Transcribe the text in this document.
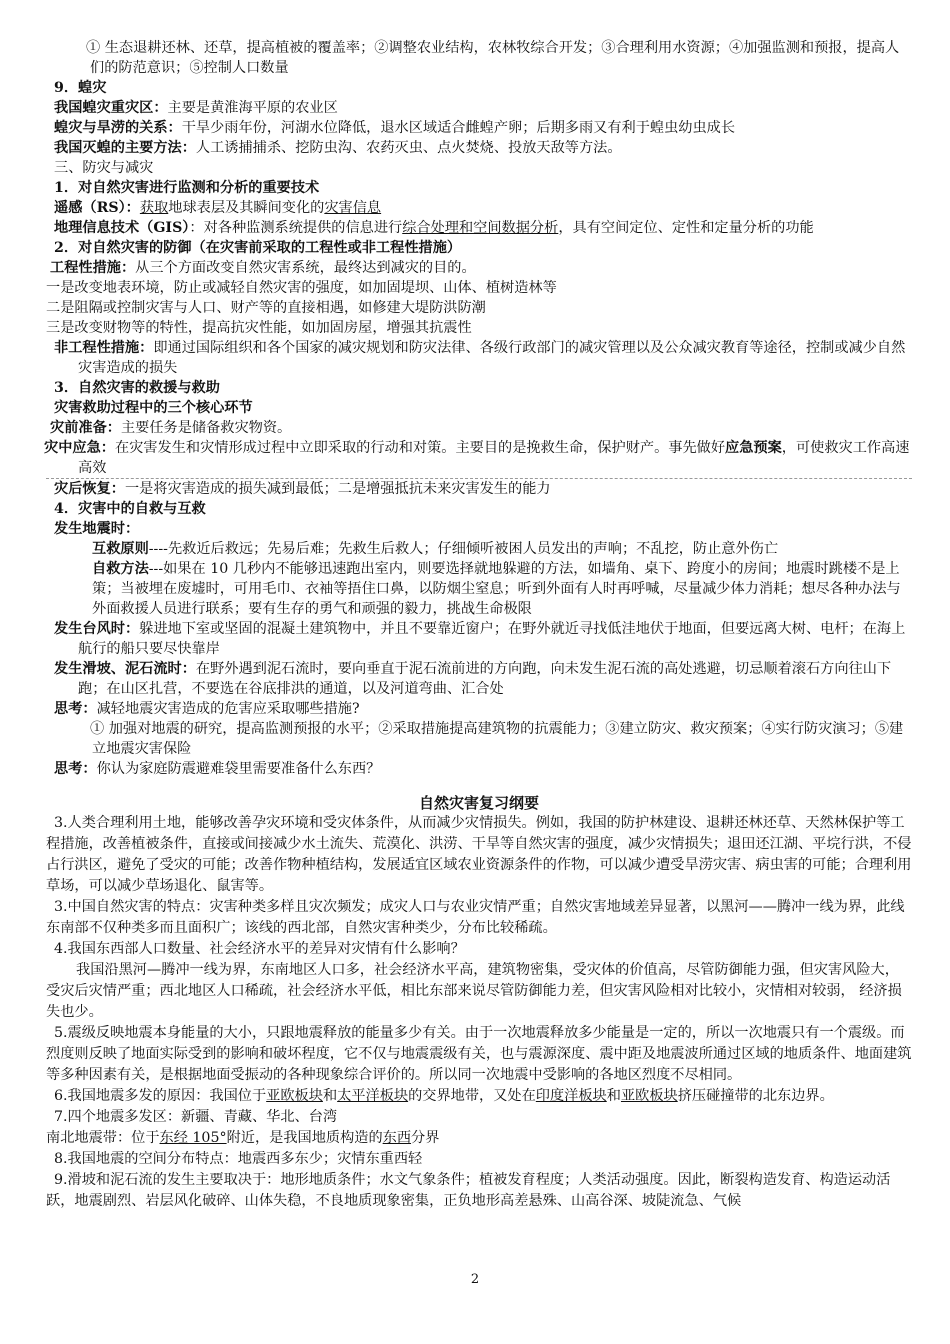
① 生态退耕还林、还草，提高植被的覆盖率；②调整农业结构，农林牧综合开发；③合理利用水资源；④加强监测和预报，提高人们的防范意识；⑤控制人口数量
9．蝗灾
我国蝗灾重灾区：主要是黄淮海平原的农业区
蝗灾与旱涝的关系：干旱少雨年份，河湖水位降低，退水区域适合雌蝗产卵；后期多雨又有利于蝗虫幼虫成长
我国灭蝗的主要方法：人工诱捕捕杀、挖防虫沟、农药灭虫、点火焚烧、投放天敌等方法。
三、防灾与减灾
1．对自然灾害进行监测和分析的重要技术
遥感（RS）：获取地球表层及其瞬间变化的灾害信息
地理信息技术（GIS）：对各种监测系统提供的信息进行综合处理和空间数据分析，具有空间定位、定性和定量分析的功能
2．对自然灾害的防御（在灾害前采取的工程性或非工程性措施）
工程性措施：从三个方面改变自然灾害系统，最终达到减灾的目的。
一是改变地表环境，防止或减轻自然灾害的强度，如加固堤坝、山体、植树造林等
二是阻隔或控制灾害与人口、财产等的直接相遇，如修建大堤防洪防潮
三是改变财物等的特性，提高抗灾性能，如加固房屋，增强其抗震性
非工程性措施：即通过国际组织和各个国家的减灾规划和防灾法律、各级行政部门的减灾管理以及公众减灾教育等途径，控制或减少自然灾害造成的损失
3．自然灾害的救援与救助
灾害救助过程中的三个核心环节
灾前准备：主要任务是储备救灾物资。
灾中应急：在灾害发生和灾情形成过程中立即采取的行动和对策。主要目的是挽救生命，保护财产。事先做好应急预案，可使救灾工作高速高效
灾后恢复：一是将灾害造成的损失减到最低；二是增强抵抗未来灾害发生的能力
4．灾害中的自救与互救
发生地震时：
互救原则----先救近后救远；先易后难；先救生后救人；仔细倾听被困人员发出的声响；不乱挖，防止意外伤亡
自救方法---如果在 10 几秒内不能够迅速跑出室内，则要选择就地躲避的方法，如墙角、桌下、跨度小的房间；地震时跳楼不是上策；当被埋在废墟时，可用毛巾、衣袖等捂住口鼻，以防烟尘窒息；听到外面有人时再呼喊，尽量减少体力消耗；想尽各种办法与外面救援人员进行联系；要有生存的勇气和顽强的毅力，挑战生命极限
发生台风时：躲进地下室或坚固的混凝土建筑物中，并且不要靠近窗户；在野外就近寻找低洼地伏于地面，但要远离大树、电杆；在海上航行的船只要尽快靠岸
发生滑坡、泥石流时：在野外遇到泥石流时，要向垂直于泥石流前进的方向跑，向未发生泥石流的高处逃避，切忌顺着滚石方向往山下跑；在山区扎营，不要选在谷底排洪的通道，以及河道弯曲、汇合处
思考：减轻地震灾害造成的危害应采取哪些措施?
① 加强对地震的研究，提高监测预报的水平；②采取措施提高建筑物的抗震能力；③建立防灾、救灾预案；④实行防灾演习；⑤建立地震灾害保险
思考：你认为家庭防震避难袋里需要准备什么东西？
自然灾害复习纲要
3.人类合理利用土地，能够改善孕灾环境和受灾体条件，从而减少灾情损失。例如，我国的防护林建设、退耕还林还草、天然林保护等工程措施，改善植被条件，直接或间接减少水土流失、荒漠化、洪涝、干旱等自然灾害的强度，减少灾情损失；退田还江湖、平垸行洪，不侵占行洪区，避免了受灾的可能；改善作物种植结构，发展适宜区域农业资源条件的作物，可以减少遭受旱涝灾害、病虫害的可能；合理利用草场，可以减少草场退化、鼠害等。
3.中国自然灾害的特点：灾害种类多样且灾次频发；成灾人口与农业灾情严重；自然灾害地域差异显著，以黑河——腾冲一线为界，此线东南部不仅种类多而且面积广；该线的西北部，自然灾害种类少，分布比较稀疏。
4.我国东西部人口数量、社会经济水平的差异对灾情有什么影响？
我国沿黑河—腾冲一线为界，东南地区人口多，社会经济水平高，建筑物密集，受灾体的价值高，尽管防御能力强，但灾害风险大，受灾后灾情严重；西北地区人口稀疏，社会经济水平低，相比东部来说尽管防御能力差，但灾害风险相对比较小，灾情相对较弱， 经济损失也少。
5.震级反映地震本身能量的大小，只跟地震释放的能量多少有关。由于一次地震释放多少能量是一定的，所以一次地震只有一个震级。而烈度则反映了地面实际受到的影响和破坏程度，它不仅与地震震级有关，也与震源深度、震中距及地震波所通过区域的地质条件、地面建筑等多种因素有关，是根据地面受振动的各种现象综合评价的。所以同一次地震中受影响的各地区烈度不尽相同。
6.我国地震多发的原因：我国位于亚欧板块和太平洋板块的交界地带，又处在印度洋板块和亚欧板块挤压碰撞带的北东边界。
7.四个地震多发区：新疆、青藏、华北、台湾
南北地震带：位于东经 105°附近，是我国地质构造的东西分界
8.我国地震的空间分布特点：地震西多东少；灾情东重西轻
9.滑坡和泥石流的发生主要取决于：地形地质条件；水文气象条件；植被发育程度；人类活动强度。因此，断裂构造发育、构造运动活跃，地震剧烈、岩层风化破碎、山体失稳，不良地质现象密集，正负地形高差悬殊、山高谷深、坡陡流急、气候
2
